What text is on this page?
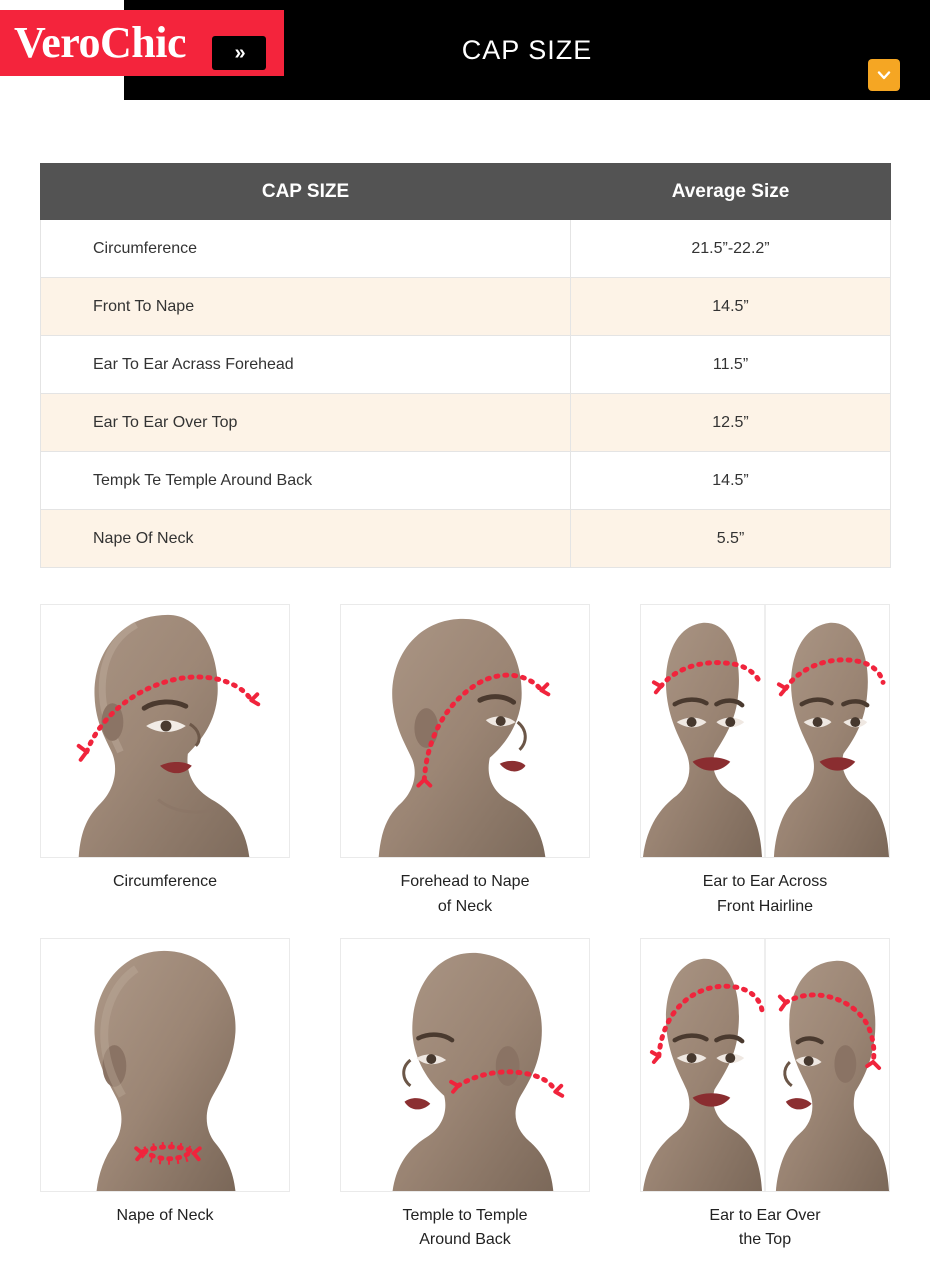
VeroChic	»	CAP SIZE
CAP SIZE	Average Size
Circumference	21.5”-22.2”
Front To Nape	14.5”
Ear To Ear Acrass Forehead	11.5”
Ear To Ear Over Top	12.5”
Tempk Te Temple Around Back	14.5”
Nape Of Neck	5.5”
Circumference	Forehead to Nape
of Neck
Ear to Ear Across
Front Hairline
Nape of Neck	Temple to Temple
Around Back
Ear to Ear Over
the Top
